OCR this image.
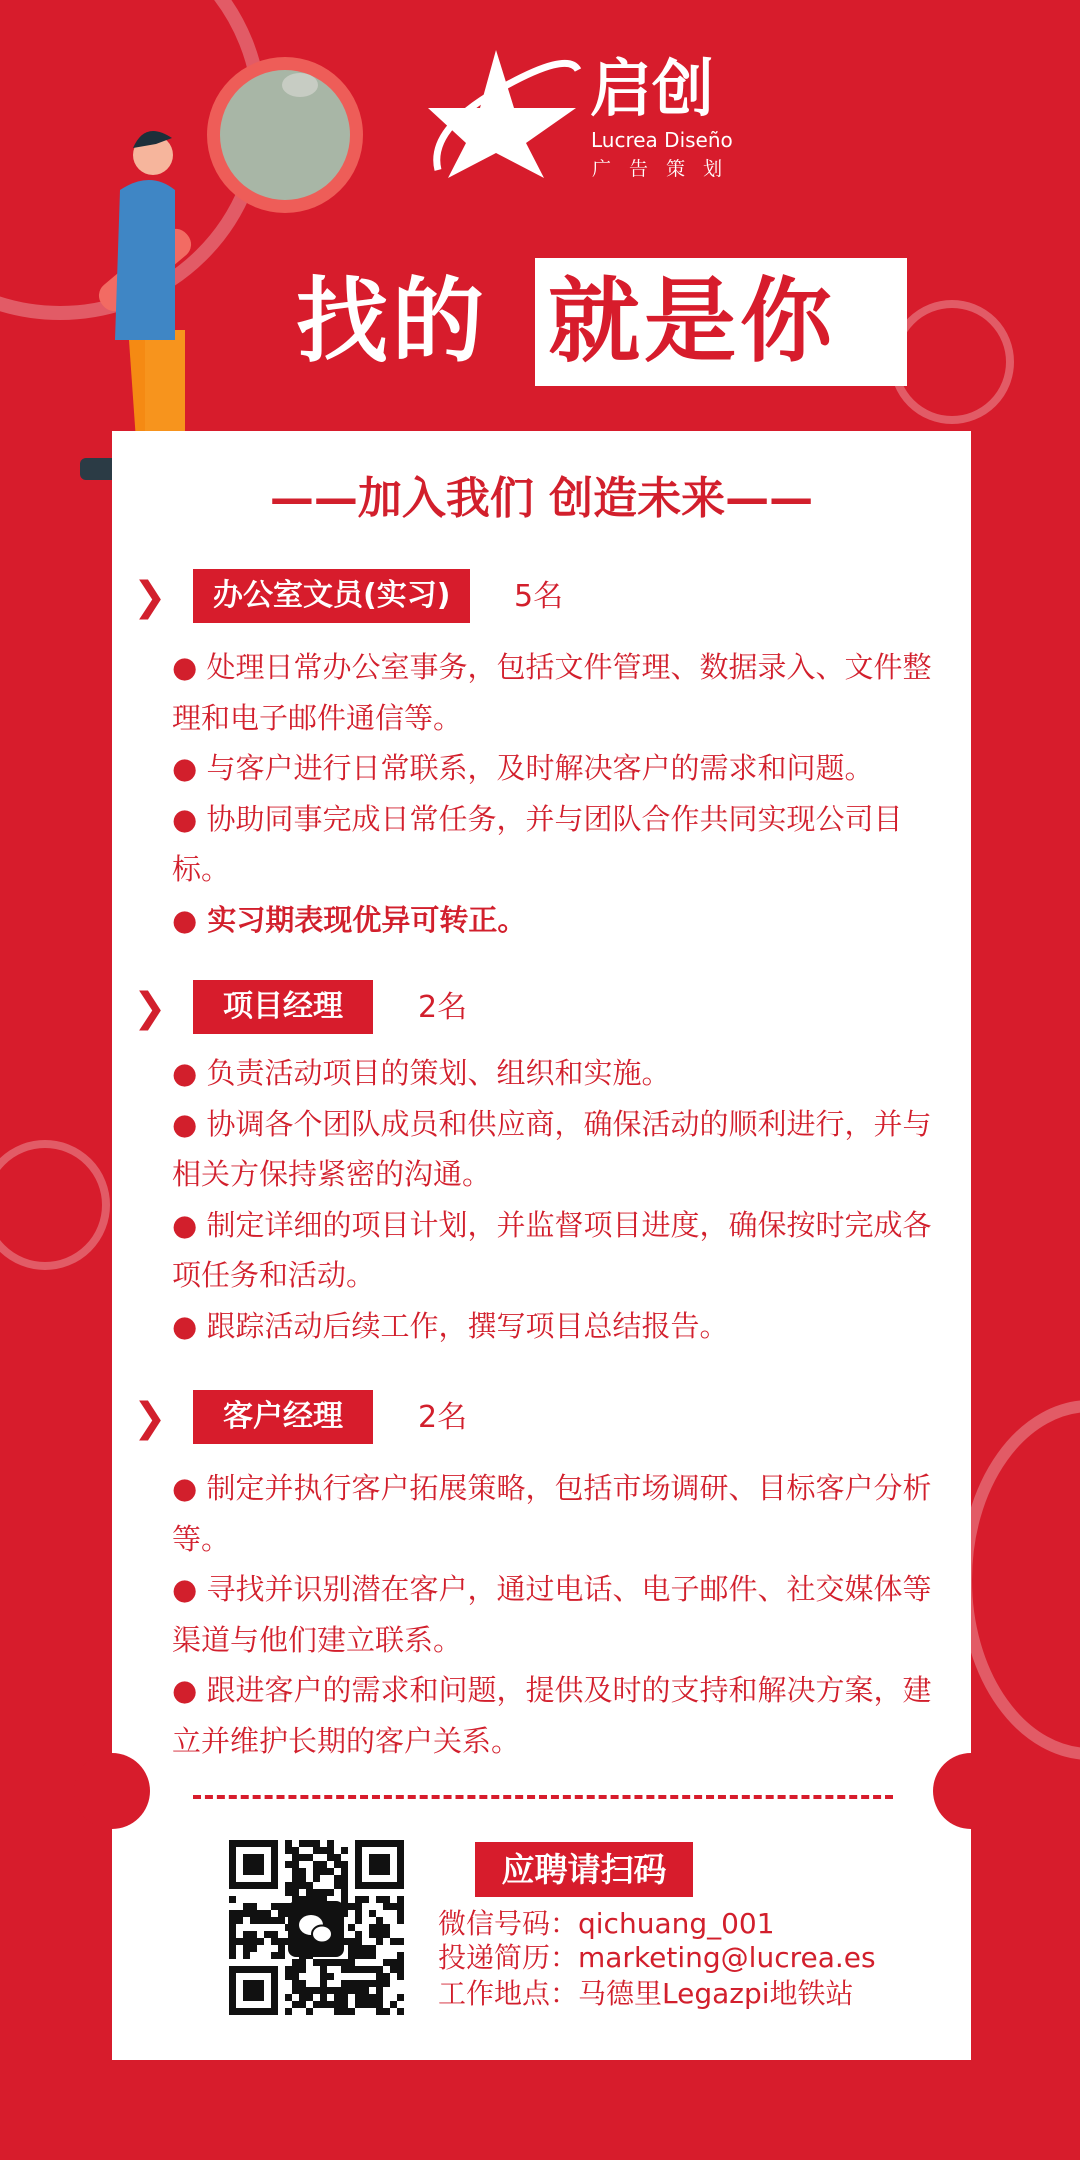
启创
Lucrea Diseño
广 告 策 划
找的 就是你
❯	办公室文员(实习)	5名

● 处理日常办公室事务，包括文件管理、数据录入、文件整理和电子邮件通信等。

● 与客户进行日常联系，及时解决客户的需求和问题。

● 协助同事完成日常任务，并与团队合作共同实现公司目标。

● 实习期表现优异可转正。

❯	项目经理	2名

● 负责活动项目的策划、组织和实施。

● 协调各个团队成员和供应商，确保活动的顺利进行，并与相关方保持紧密的沟通。

● 制定详细的项目计划，并监督项目进度，确保按时完成各项任务和活动。

● 跟踪活动后续工作，撰写项目总结报告。

❯	客户经理	2名

● 制定并执行客户拓展策略，包括市场调研、目标客户分析等。

● 寻找并识别潜在客户，通过电话、电子邮件、社交媒体等渠道与他们建立联系。

● 跟进客户的需求和问题，提供及时的支持和解决方案，建立并维护长期的客户关系。

应聘请扫码
微信号码：qichuang_001
投递简历：marketing@lucrea.es
工作地点：马德里Legazpi地铁站
——加入我们 创造未来——
